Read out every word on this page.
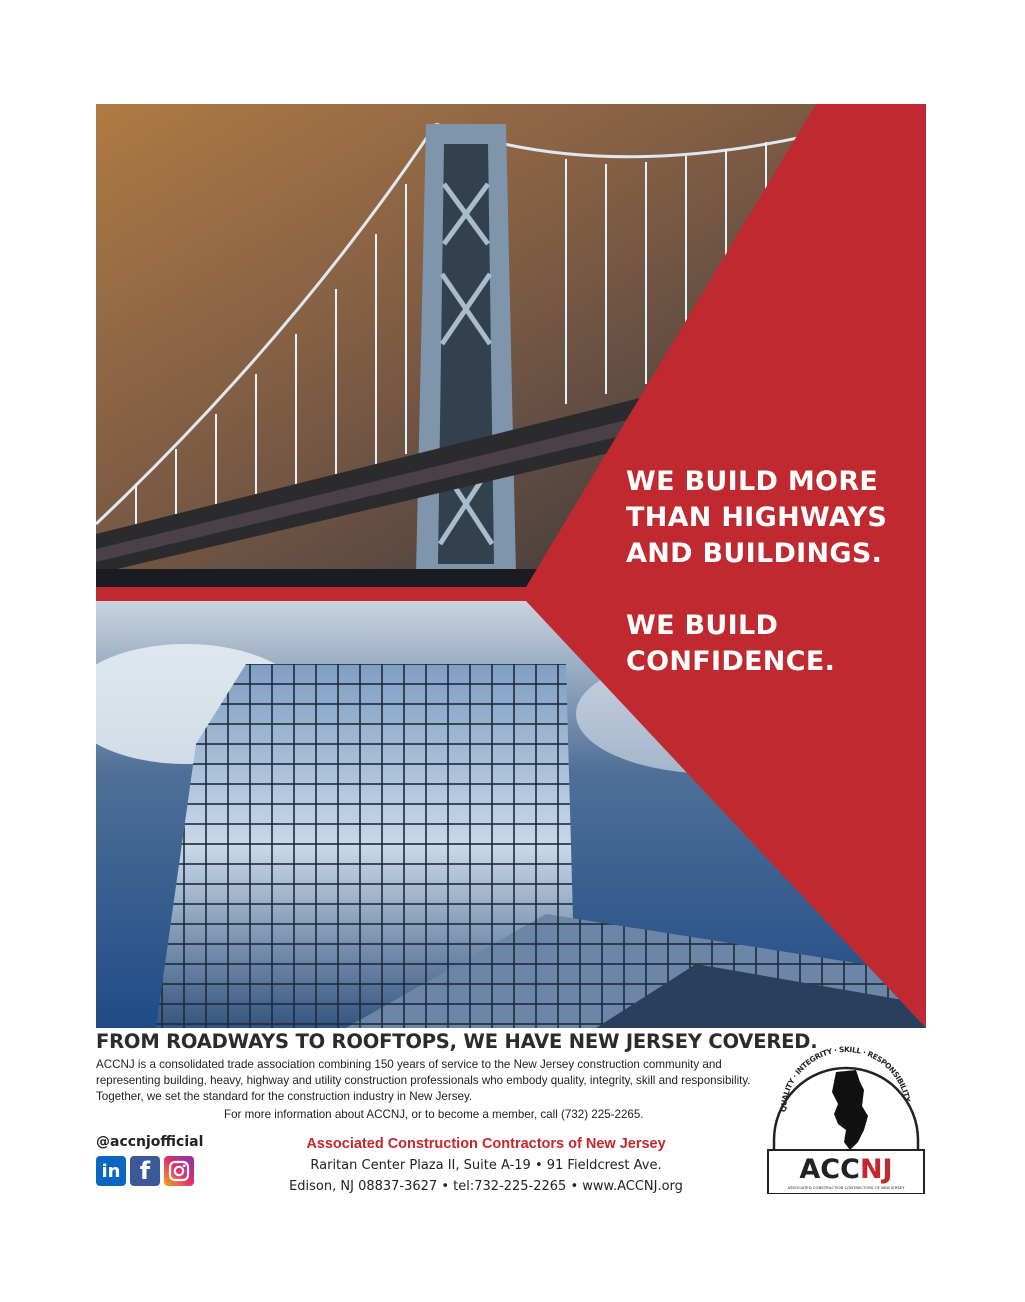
WE BUILD MORE
THAN HIGHWAYS
AND BUILDINGS.
WE BUILD
CONFIDENCE.
FROM ROADWAYS TO ROOFTOPS, WE HAVE NEW JERSEY COVERED.
ACCNJ is a consolidated trade association combining 150 years of service to the New Jersey construction community and representing building, heavy, highway and utility construction professionals who embody quality, integrity, skill and responsibility. Together, we set the standard for the construction industry in New Jersey.
For more information about ACCNJ, or to become a member, call (732) 225-2265.
@accnjofficial
in f
Associated Construction Contractors of New Jersey
Raritan Center Plaza II, Suite A-19 • 91 Fieldcrest Ave.
Edison, NJ 08837-3627 • tel:732-225-2265 • www.ACCNJ.org
QUALITY · INTEGRITY · SKILL · RESPONSIBILITY
ACCNJ
ASSOCIATED CONSTRUCTION CONTRACTORS OF NEW JERSEY
